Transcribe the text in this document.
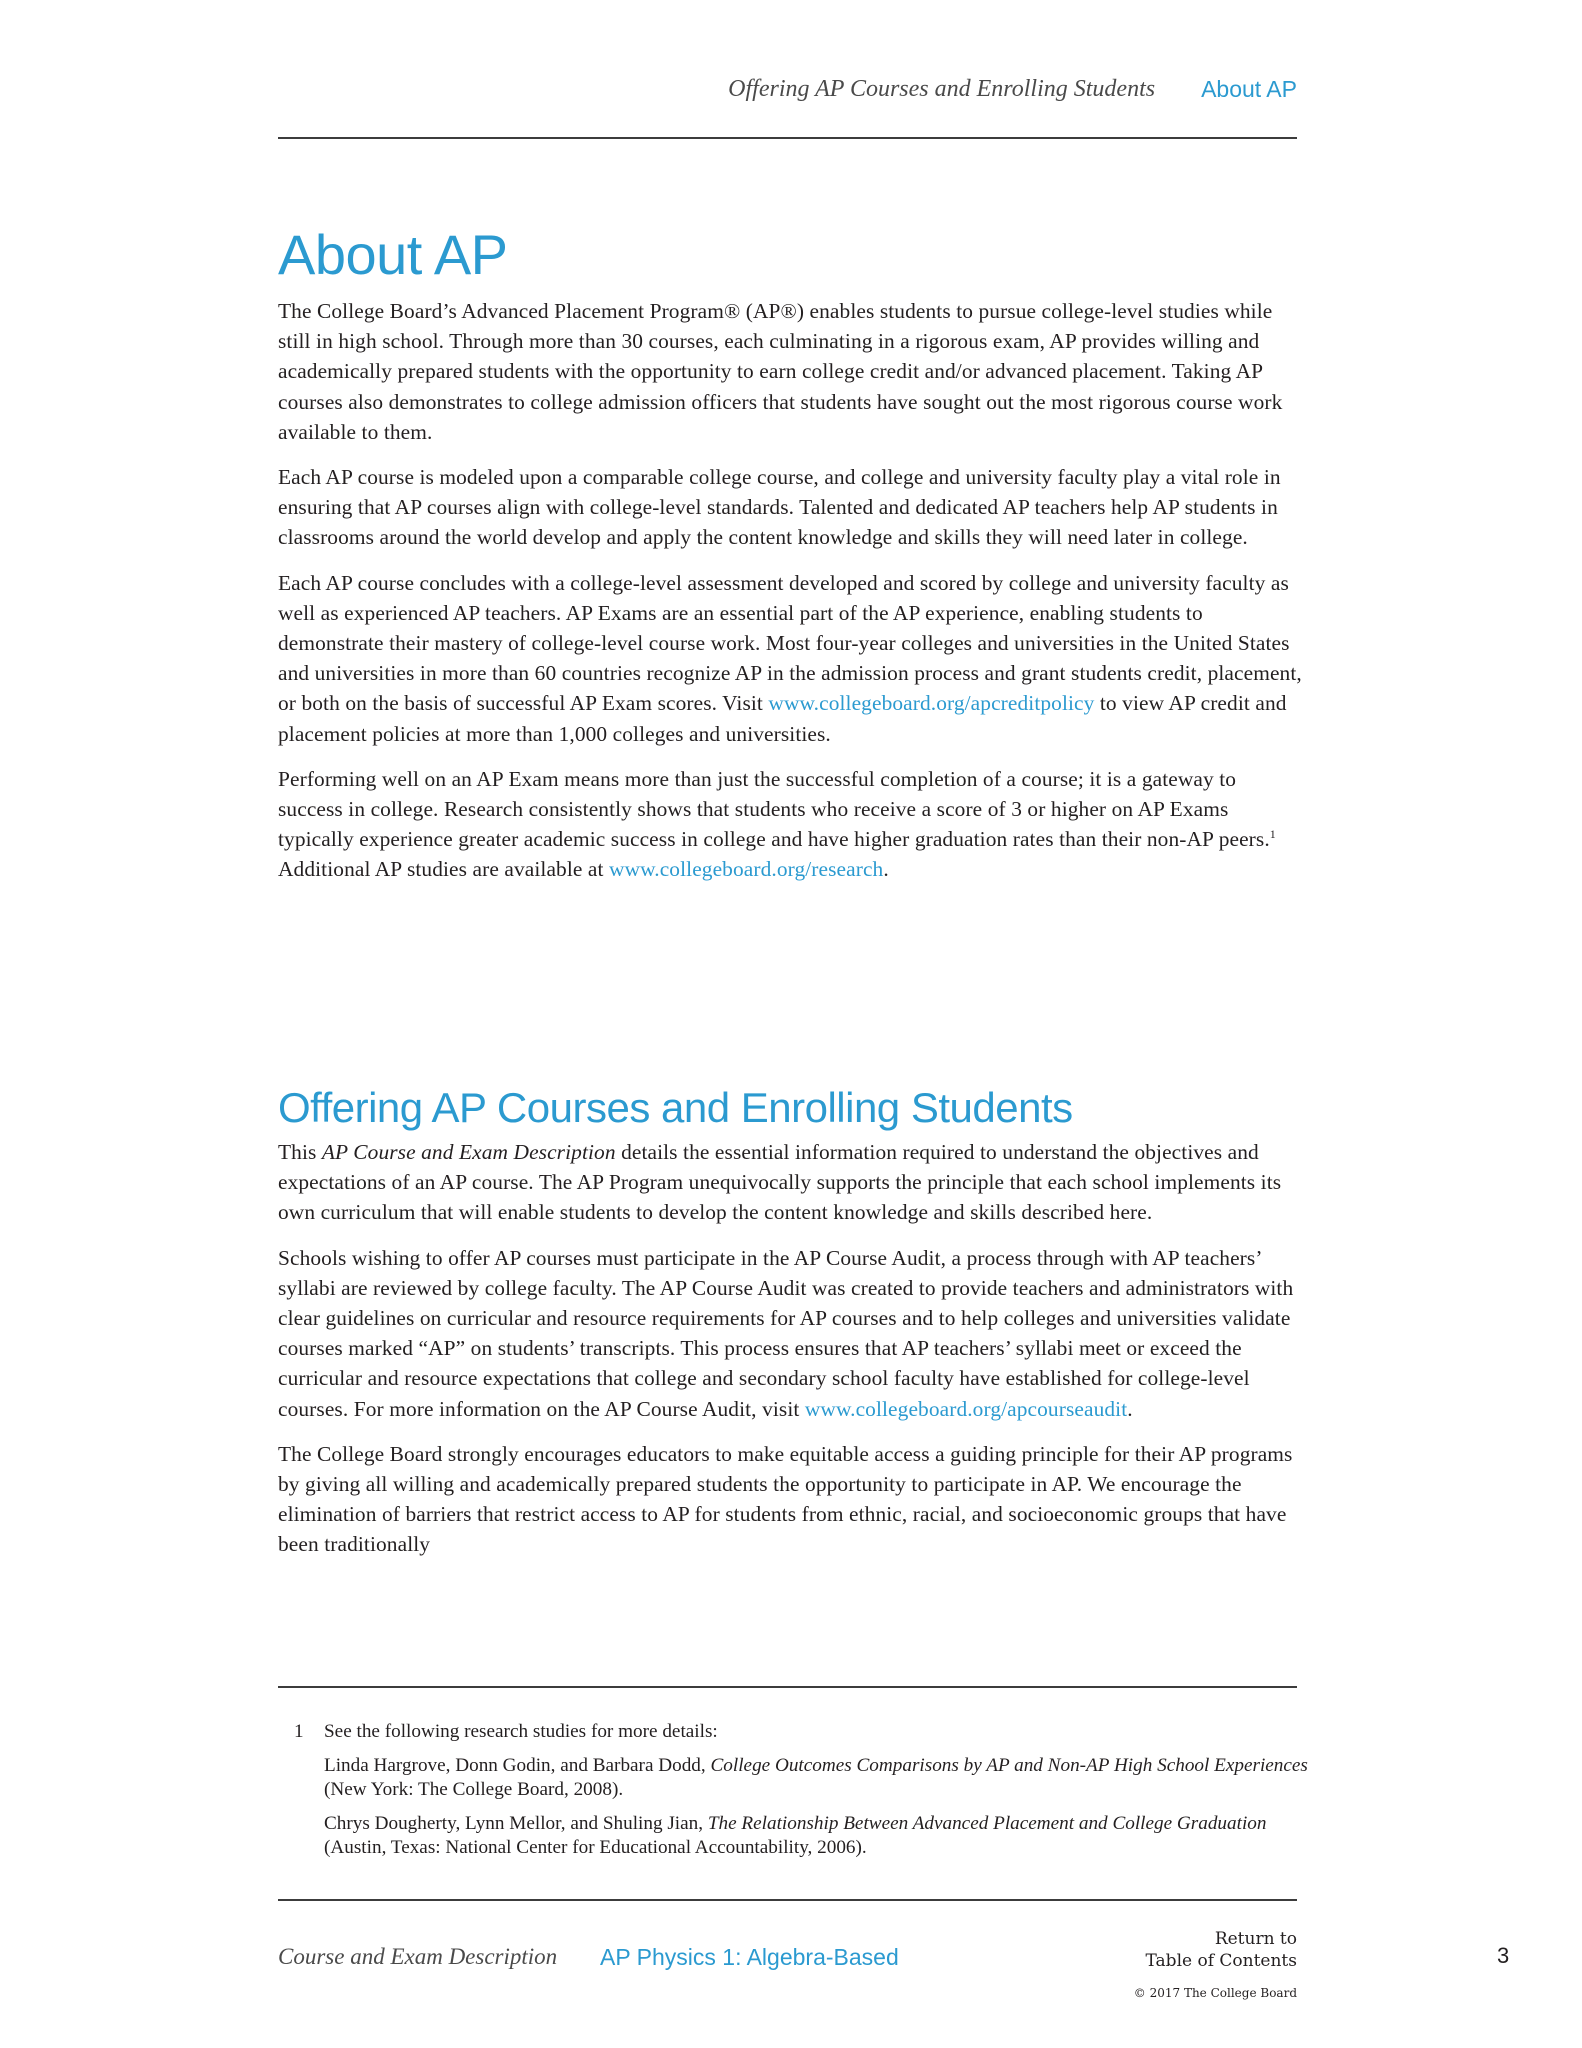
Offering AP Courses and Enrolling Students About AP
About AP

The College Board’s Advanced Placement Program® (AP®) enables students to pursue college-level studies while still in high school. Through more than 30 courses, each culminating in a rigorous exam, AP provides willing and academically prepared students with the opportunity to earn college credit and/or advanced placement. Taking AP courses also demonstrates to college admission officers that students have sought out the most rigorous course work available to them.

Each AP course is modeled upon a comparable college course, and college and university faculty play a vital role in ensuring that AP courses align with college-level standards. Talented and dedicated AP teachers help AP students in classrooms around the world develop and apply the content knowledge and skills they will need later in college.

Each AP course concludes with a college-level assessment developed and scored by college and university faculty as well as experienced AP teachers. AP Exams are an essential part of the AP experience, enabling students to demonstrate their mastery of college-level course work. Most four-year colleges and universities in the United States and universities in more than 60 countries recognize AP in the admission process and grant students credit, placement, or both on the basis of successful AP Exam scores. Visit www.collegeboard.org/apcreditpolicy to view AP credit and placement policies at more than 1,000 colleges and universities.

Performing well on an AP Exam means more than just the successful completion of a course; it is a gateway to success in college. Research consistently shows that students who receive a score of 3 or higher on AP Exams typically experience greater academic success in college and have higher graduation rates than their non-AP peers.$^1$ Additional AP studies are available at www.collegeboard.org/research.

Offering AP Courses and Enrolling Students

This AP Course and Exam Description details the essential information required to understand the objectives and expectations of an AP course. The AP Program unequivocally supports the principle that each school implements its own curriculum that will enable students to develop the content knowledge and skills described here.

Schools wishing to offer AP courses must participate in the AP Course Audit, a process through with AP teachers’ syllabi are reviewed by college faculty. The AP Course Audit was created to provide teachers and administrators with clear guidelines on curricular and resource requirements for AP courses and to help colleges and universities validate courses marked “AP” on students’ transcripts. This process ensures that AP teachers’ syllabi meet or exceed the curricular and resource expectations that college and secondary school faculty have established for college-level courses. For more information on the AP Course Audit, visit www.collegeboard.org/apcourseaudit.

The College Board strongly encourages educators to make equitable access a guiding principle for their AP programs by giving all willing and academically prepared students the opportunity to participate in AP. We encourage the elimination of barriers that restrict access to AP for students from ethnic, racial, and socioeconomic groups that have been traditionally

1	See the following research studies for more details:

Linda Hargrove, Donn Godin, and Barbara Dodd, College Outcomes Comparisons by AP and Non-AP High School Experiences (New York: The College Board, 2008).

Chrys Dougherty, Lynn Mellor, and Shuling Jian, The Relationship Between Advanced Placement and College Graduation (Austin, Texas: National Center for Educational Accountability, 2006).

Course and Exam Description AP Physics 1: Algebra-Based
Return to
Table of Contents
© 2017 The College Board
3
